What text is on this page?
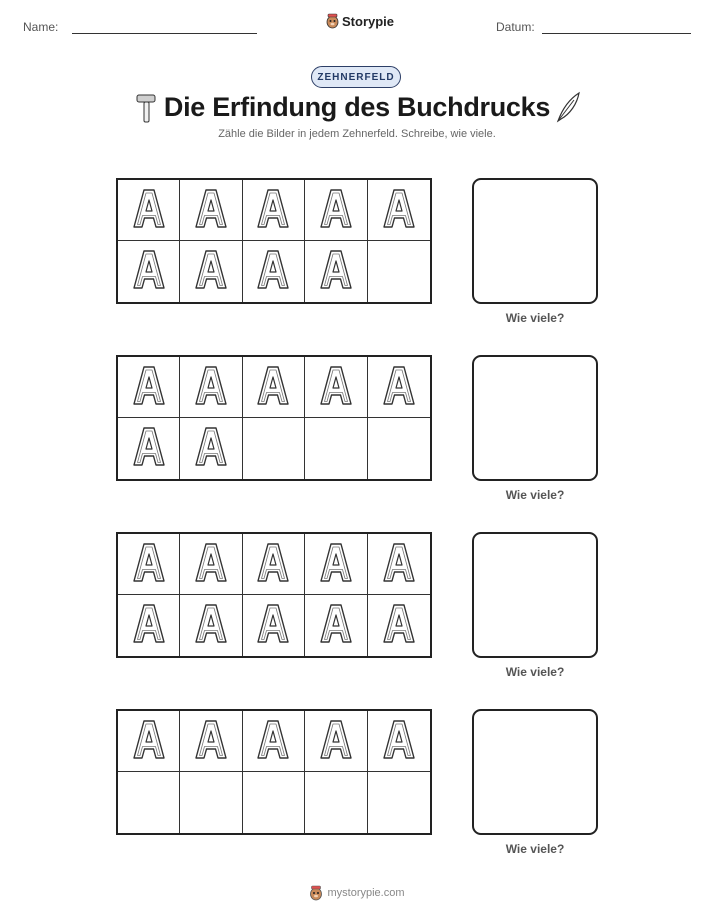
Name:	Storypie	Datum:
ZEHNERFELD
Die Erfindung des Buchdrucks
Zähle die Bilder in jedem Zehnerfeld. Schreibe, wie viele.
Wie viele?
Wie viele?
Wie viele?
Wie viele?
mystorypie.com
